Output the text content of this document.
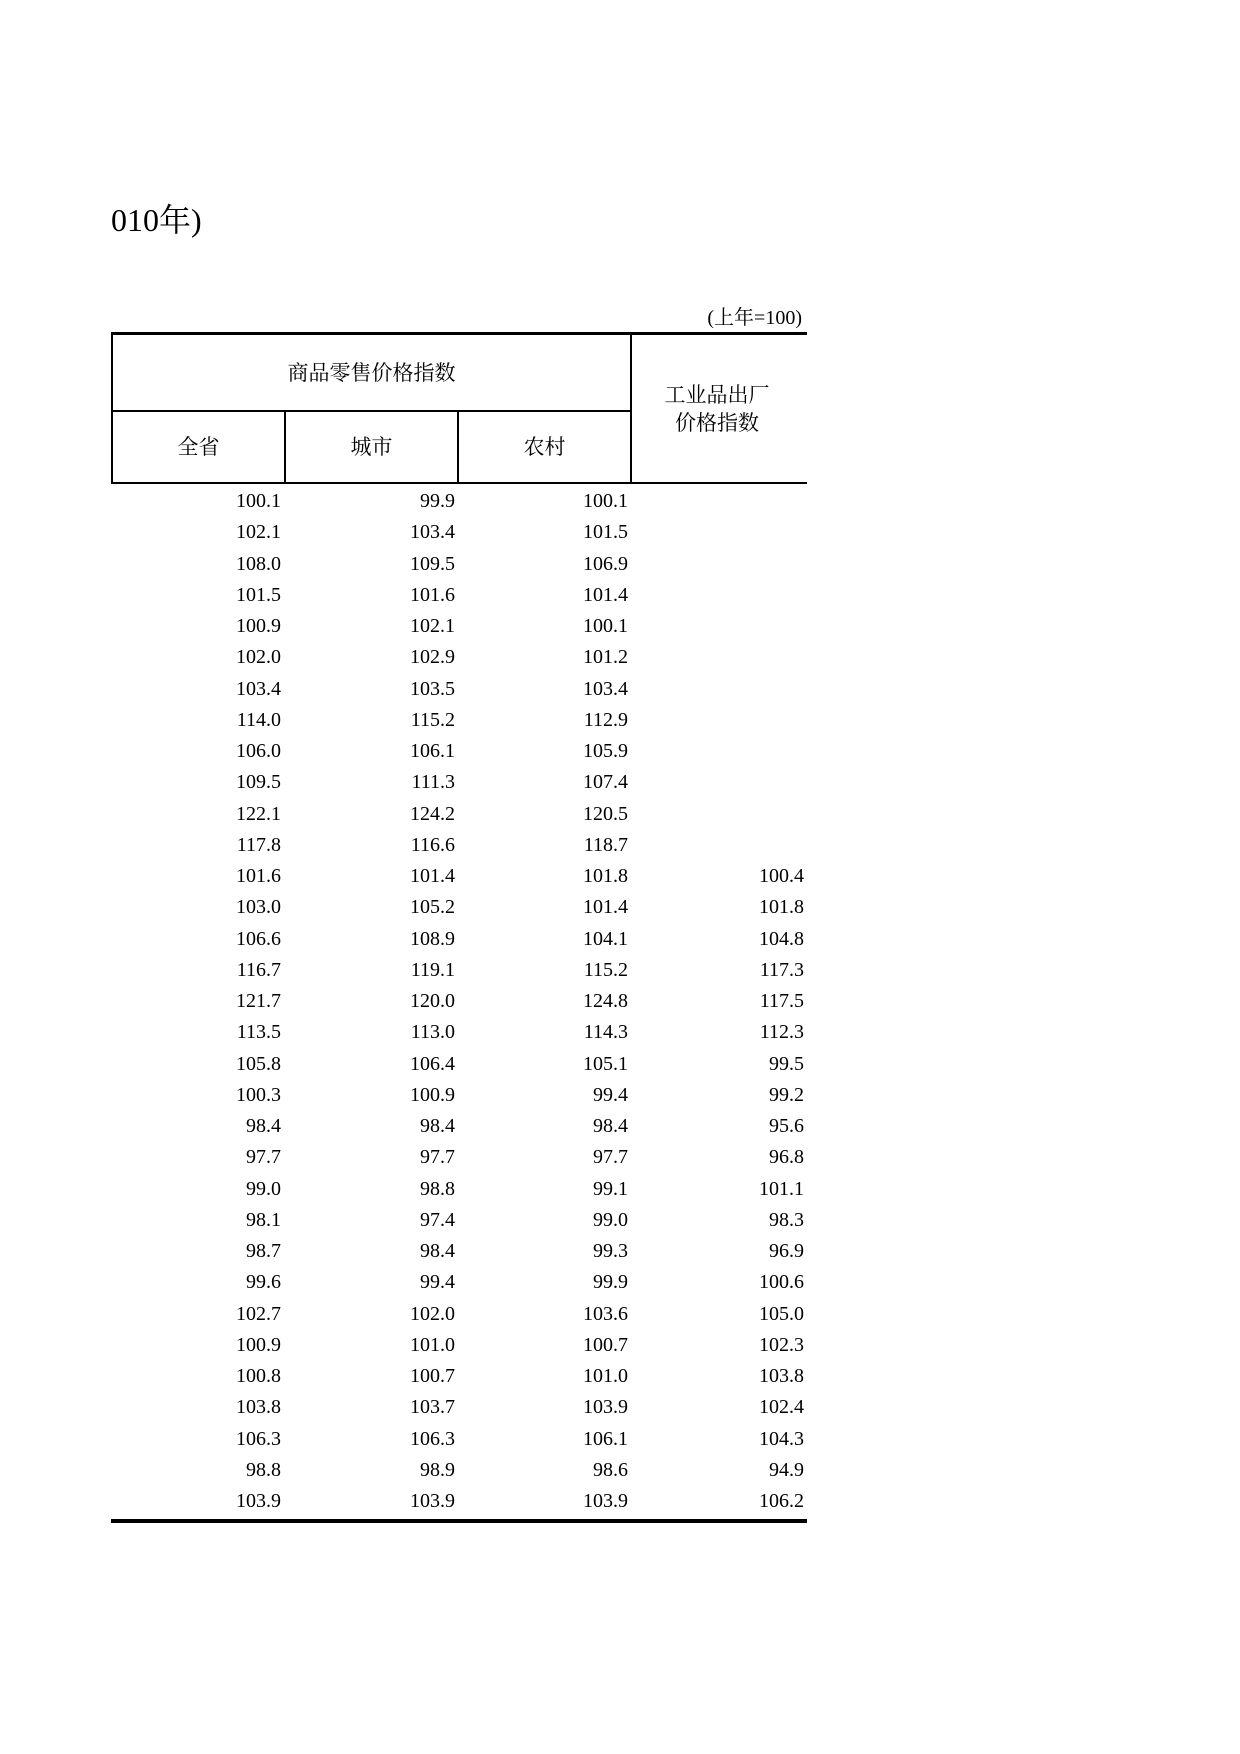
010年)
(上年=100)
商品零售价格指数
全省	城市	农村
工业品出厂
价格指数
100.1	99.9	100.1
102.1	103.4	101.5
108.0	109.5	106.9
101.5	101.6	101.4
100.9	102.1	100.1
102.0	102.9	101.2
103.4	103.5	103.4
114.0	115.2	112.9
106.0	106.1	105.9
109.5	111.3	107.4
122.1	124.2	120.5
117.8	116.6	118.7
101.6	101.4	101.8	100.4
103.0	105.2	101.4	101.8
106.6	108.9	104.1	104.8
116.7	119.1	115.2	117.3
121.7	120.0	124.8	117.5
113.5	113.0	114.3	112.3
105.8	106.4	105.1	99.5
100.3	100.9	99.4	99.2
98.4	98.4	98.4	95.6
97.7	97.7	97.7	96.8
99.0	98.8	99.1	101.1
98.1	97.4	99.0	98.3
98.7	98.4	99.3	96.9
99.6	99.4	99.9	100.6
102.7	102.0	103.6	105.0
100.9	101.0	100.7	102.3
100.8	100.7	101.0	103.8
103.8	103.7	103.9	102.4
106.3	106.3	106.1	104.3
98.8	98.9	98.6	94.9
103.9	103.9	103.9	106.2
